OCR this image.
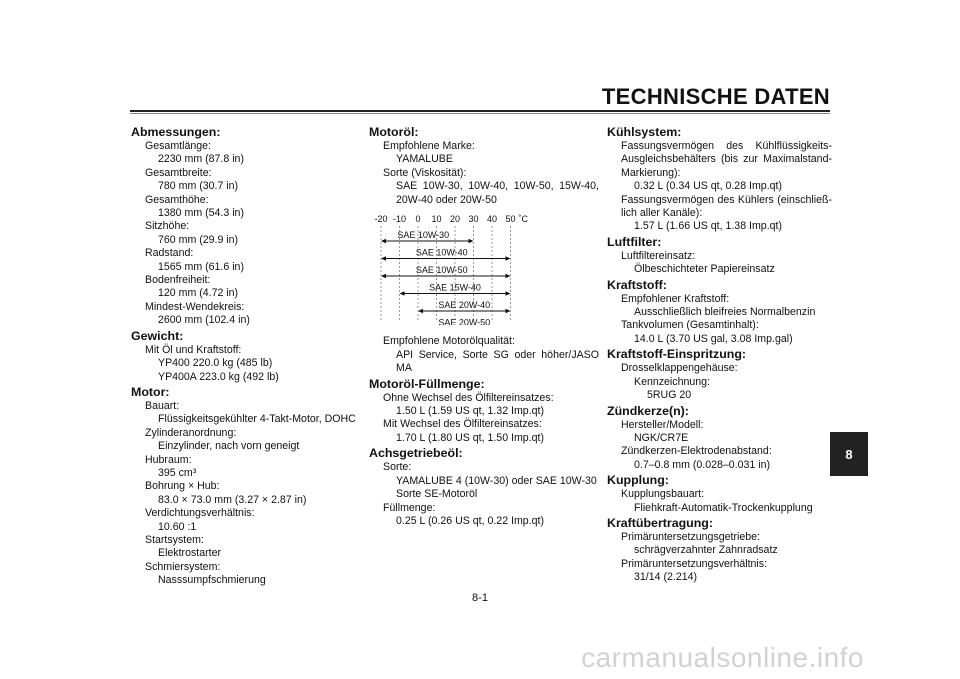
TECHNISCHE DATEN
Abmessungen:
Gesamtlänge:
2230 mm (87.8 in)
Gesamtbreite:
780 mm (30.7 in)
Gesamthöhe:
1380 mm (54.3 in)
Sitzhöhe:
760 mm (29.9 in)
Radstand:
1565 mm (61.6 in)
Bodenfreiheit:
120 mm (4.72 in)
Mindest-Wendekreis:
2600 mm (102.4 in)
Gewicht:
Mit Öl und Kraftstoff:
YP400 220.0 kg (485 lb)
YP400A 223.0 kg (492 lb)
Motor:
Bauart:
Flüssigkeitsgekühlter 4-Takt-Motor, DOHC
Zylinderanordnung:
Einzylinder, nach vorn geneigt
Hubraum:
395 cm³
Bohrung × Hub:
83.0 × 73.0 mm (3.27 × 2.87 in)
Verdichtungsverhältnis:
10.60 :1
Startsystem:
Elektrostarter
Schmiersystem:
Nasssumpfschmierung
Motoröl:
Empfohlene Marke:
YAMALUBE
Sorte (Viskosität):
SAE 10W-30, 10W-40, 10W-50, 15W-40, 20W-40 oder 20W-50
-20 -10 0 10 20 30 40 50 ˚C
SAE 10W-30
SAE 10W-40
SAE 10W-50
SAE 15W-40
SAE 20W-40
SAE 20W-50
Empfohlene Motorölqualität:
API Service, Sorte SG oder höher/JASO MA
Motoröl-Füllmenge:
Ohne Wechsel des Ölfiltereinsatzes:
1.50 L (1.59 US qt, 1.32 Imp.qt)
Mit Wechsel des Ölfiltereinsatzes:
1.70 L (1.80 US qt, 1.50 Imp.qt)
Achsgetriebeöl:
Sorte:
YAMALUBE 4 (10W-30) oder SAE 10W-30 Sorte SE-Motoröl
Füllmenge:
0.25 L (0.26 US qt, 0.22 Imp.qt)
Kühlsystem:
Fassungsvermögen des Kühlflüssigkeits-Ausgleichsbehälters (bis zur Maximalstand-Markierung):
0.32 L (0.34 US qt, 0.28 Imp.qt)
Fassungsvermögen des Kühlers (einschließlich aller Kanäle):
1.57 L (1.66 US qt, 1.38 Imp.qt)
Luftfilter:
Luftfiltereinsatz:
Ölbeschichteter Papiereinsatz
Kraftstoff:
Empfohlener Kraftstoff:
Ausschließlich bleifreies Normalbenzin
Tankvolumen (Gesamtinhalt):
14.0 L (3.70 US gal, 3.08 Imp.gal)
Kraftstoff-Einspritzung:
Drosselklappengehäuse:
Kennzeichnung:
5RUG 20
Zündkerze(n):
Hersteller/Modell:
NGK/CR7E
Zündkerzen-Elektrodenabstand:
0.7–0.8 mm (0.028–0.031 in)
Kupplung:
Kupplungsbauart:
Fliehkraft-Automatik-Trockenkupplung
Kraftübertragung:
Primäruntersetzungsgetriebe:
schrägverzahnter Zahnradsatz
Primäruntersetzungsverhältnis:
31/14 (2.214)
8
8-1
carmanualsonline.info
